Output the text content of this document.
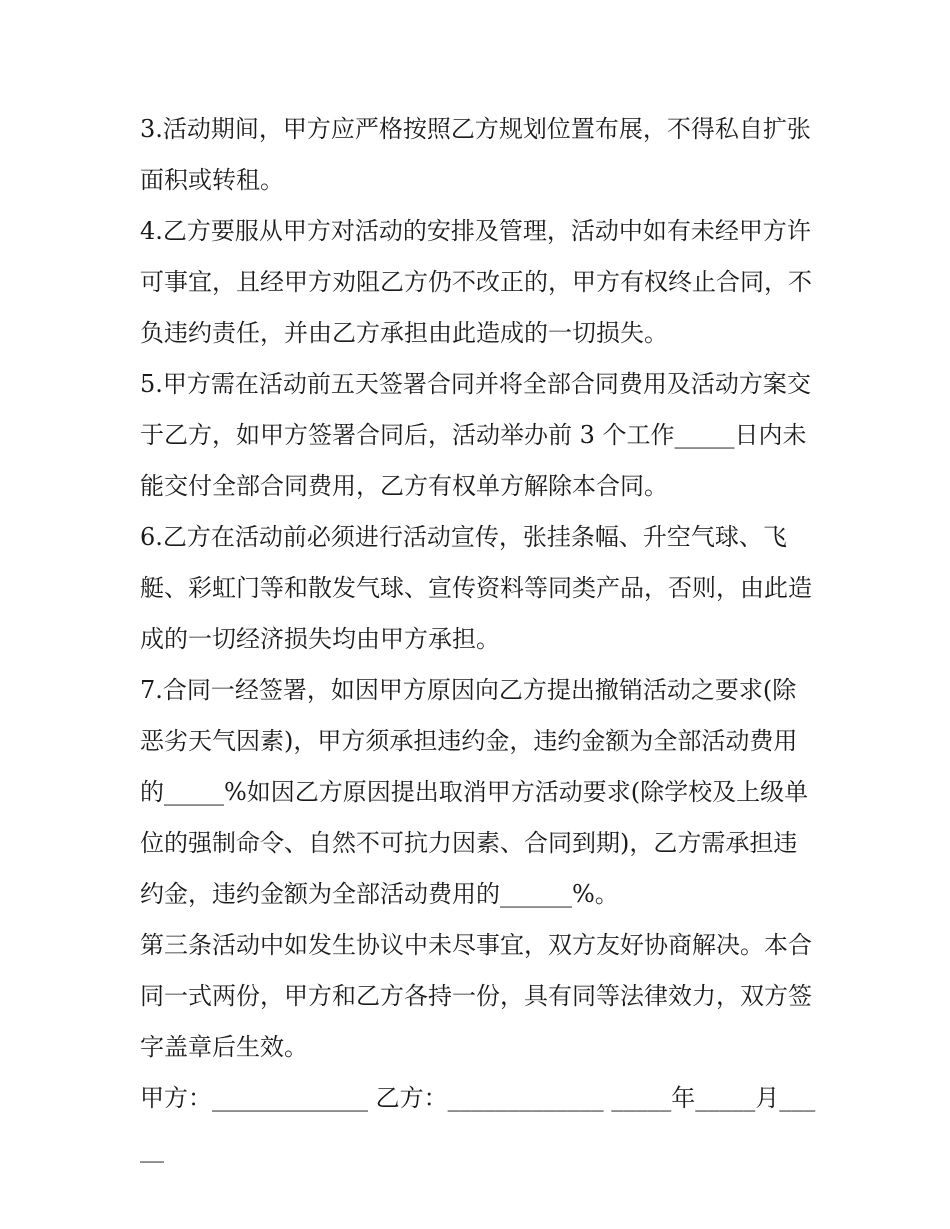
3.活动期间，甲方应严格按照乙方规划位置布展，不得私自扩张面积或转租。

4.乙方要服从甲方对活动的安排及管理，活动中如有未经甲方许可事宜，且经甲方劝阻乙方仍不改正的，甲方有权终止合同，不负违约责任，并由乙方承担由此造成的一切损失。

5.甲方需在活动前五天签署合同并将全部合同费用及活动方案交于乙方，如甲方签署合同后，活动举办前 3 个工作_____日内未能交付全部合同费用，乙方有权单方解除本合同。

6.乙方在活动前必须进行活动宣传，张挂条幅、升空气球、飞艇、彩虹门等和散发气球、宣传资料等同类产品，否则，由此造成的一切经济损失均由甲方承担。

7.合同一经签署，如因甲方原因向乙方提出撤销活动之要求(除恶劣天气因素)，甲方须承担违约金，违约金额为全部活动费用的_____%如因乙方原因提出取消甲方活动要求(除学校及上级单位的强制命令、自然不可抗力因素、合同到期)，乙方需承担违约金，违约金额为全部活动费用的______%。

第三条活动中如发生协议中未尽事宜，双方友好协商解决。本合同一式两份，甲方和乙方各持一份，具有同等法律效力，双方签字盖章后生效。

甲方：_____________ 乙方：_____________ _____年_____月_____
